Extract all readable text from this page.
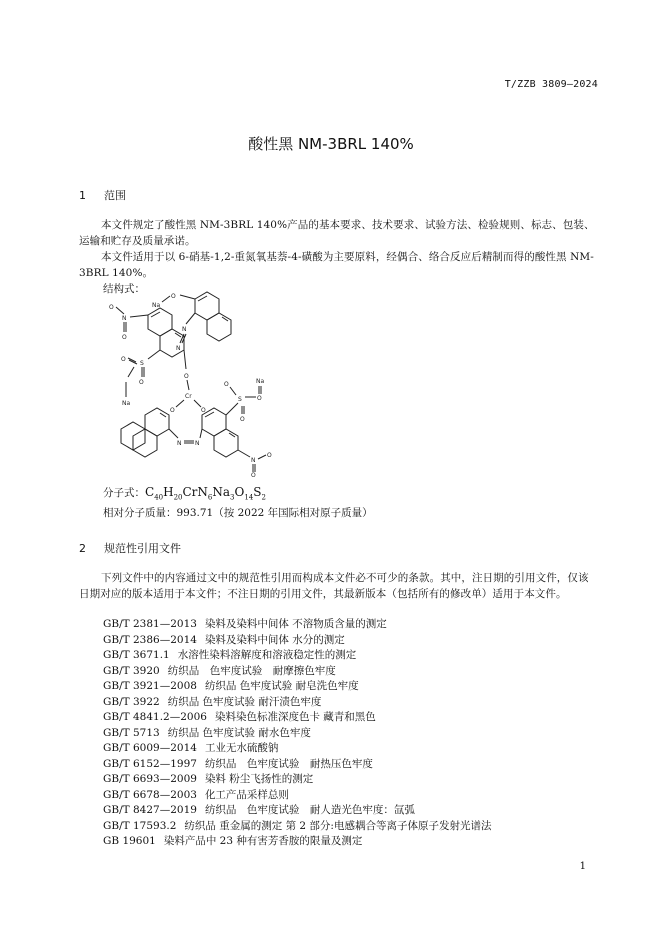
T/ZZB 3809—2024
酸性黑 NM-3BRL 140%
1 范围
本文件规定了酸性黑 NM-3BRL 140%产品的基本要求、技术要求、试验方法、检验规则、标志、包装、运输和贮存及质量承诺。
本文件适用于以 6-硝基-1,2-重氮氧基萘-4-磺酸为主要原料，经偶合、络合反应后精制而得的酸性黑 NM-3BRL 140%。
结构式：
O
Na
N
N
N
O
O
S
O
O
Na
O
Cr
O	O
N N
S
O
O
O
Na
N
O
O
分子式：$C_{40}H_{20}CrN_6Na_3O_{14}S_2$
相对分子质量：993.71（按 2022 年国际相对原子质量）
2 规范性引用文件
下列文件中的内容通过文中的规范性引用而构成本文件必不可少的条款。其中，注日期的引用文件，仅该日期对应的版本适用于本文件；不注日期的引用文件，其最新版本（包括所有的修改单）适用于本文件。
GB/T 2381—2013 染料及染料中间体 不溶物质含量的测定
GB/T 2386—2014 染料及染料中间体 水分的测定
GB/T 3671.1 水溶性染料溶解度和溶液稳定性的测定
GB/T 3920 纺织品　色牢度试验　耐摩擦色牢度
GB/T 3921—2008 纺织品 色牢度试验 耐皂洗色牢度
GB/T 3922 纺织品 色牢度试验 耐汗渍色牢度
GB/T 4841.2—2006 染料染色标准深度色卡 藏青和黑色
GB/T 5713 纺织品 色牢度试验 耐水色牢度
GB/T 6009—2014 工业无水硫酸钠
GB/T 6152—1997 纺织品　色牢度试验　耐热压色牢度
GB/T 6693—2009 染料 粉尘飞扬性的测定
GB/T 6678—2003 化工产品采样总则
GB/T 8427—2019 纺织品　色牢度试验　耐人造光色牢度：氙弧
GB/T 17593.2 纺织品 重金属的测定 第 2 部分:电感耦合等离子体原子发射光谱法
GB 19601 染料产品中 23 种有害芳香胺的限量及测定
1
